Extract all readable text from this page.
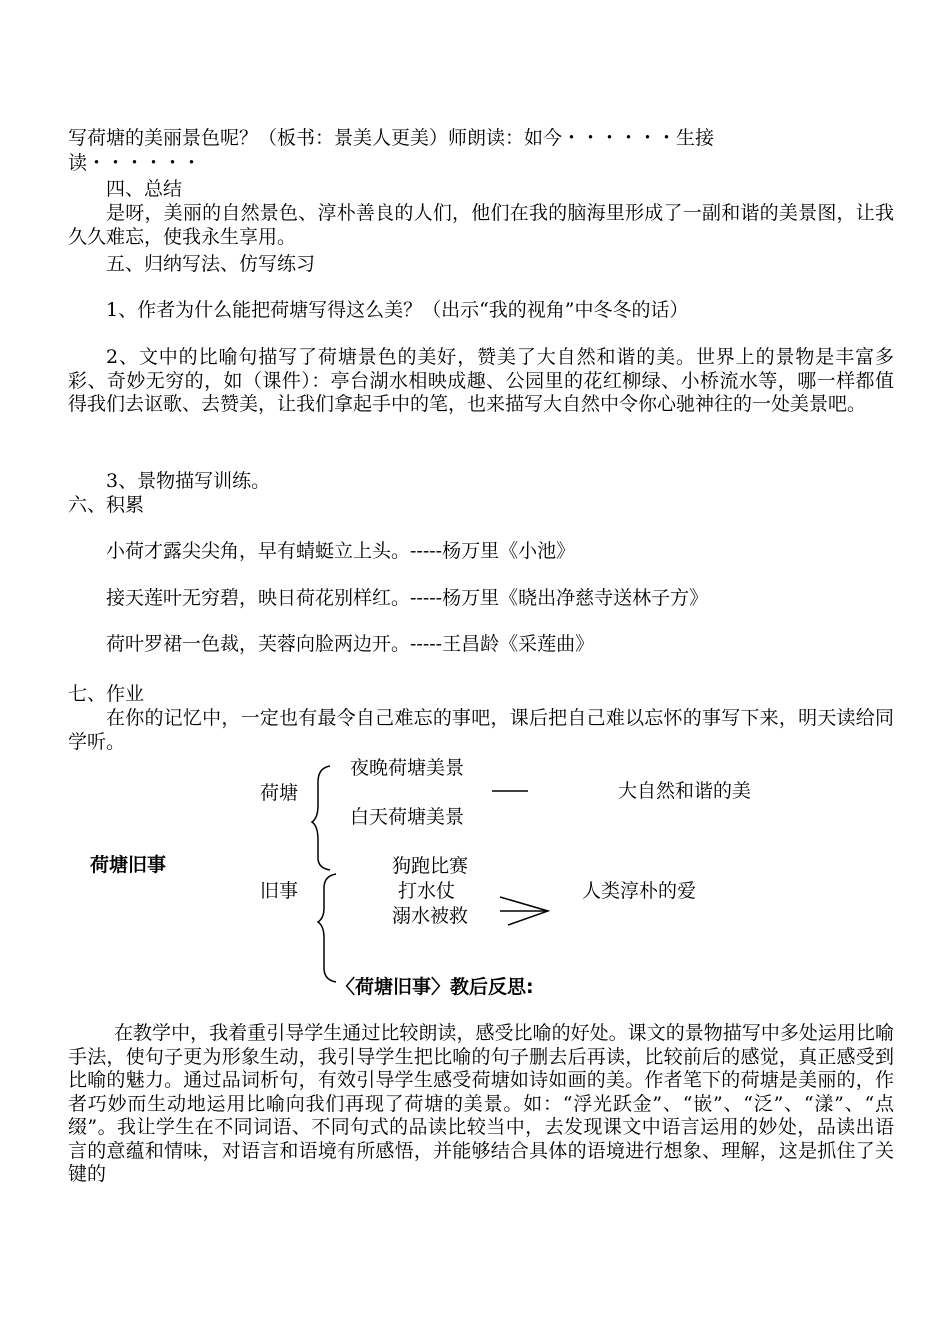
写荷塘的美丽景色呢？（板书：景美人更美）师朗读：如今・・・・・・生接
读・・・・・・
四、总结
是呀，美丽的自然景色、淳朴善良的人们，他们在我的脑海里形成了一副和谐的美景图，让我久久难忘，使我永生享用。
五、归纳写法、仿写练习
1、作者为什么能把荷塘写得这么美？（出示“我的视角”中冬冬的话）
2、文中的比喻句描写了荷塘景色的美好，赞美了大自然和谐的美。世界上的景物是丰富多彩、奇妙无穷的，如（课件）：亭台湖水相映成趣、公园里的花红柳绿、小桥流水等，哪一样都值得我们去讴歌、去赞美，让我们拿起手中的笔，也来描写大自然中令你心驰神往的一处美景吧。
3、景物描写训练。
六、积累
小荷才露尖尖角，早有蜻蜓立上头。-----杨万里《小池》
接天莲叶无穷碧，映日荷花别样红。-----杨万里《晓出净慈寺送林子方》
荷叶罗裙一色裁，芙蓉向脸两边开。-----王昌龄《采莲曲》
七、作业
在你的记忆中，一定也有最令自己难忘的事吧，课后把自己难以忘怀的事写下来，明天读给同学听。
荷塘旧事
荷塘
夜晚荷塘美景
白天荷塘美景
大自然和谐的美
旧事
狗跑比赛
打水仗
溺水被救
人类淳朴的爱
〈荷塘旧事〉教后反思:
在教学中，我着重引导学生通过比较朗读，感受比喻的好处。课文的景物描写中多处运用比喻手法，使句子更为形象生动，我引导学生把比喻的句子删去后再读，比较前后的感觉，真正感受到比喻的魅力。通过品词析句，有效引导学生感受荷塘如诗如画的美。作者笔下的荷塘是美丽的，作者巧妙而生动地运用比喻向我们再现了荷塘的美景。如：“浮光跃金”、“嵌”、“泛”、“漾”、“点缀”。我让学生在不同词语、不同句式的品读比较当中，去发现课文中语言运用的妙处，品读出语言的意蕴和情味，对语言和语境有所感悟，并能够结合具体的语境进行想象、理解，这是抓住了关键的
